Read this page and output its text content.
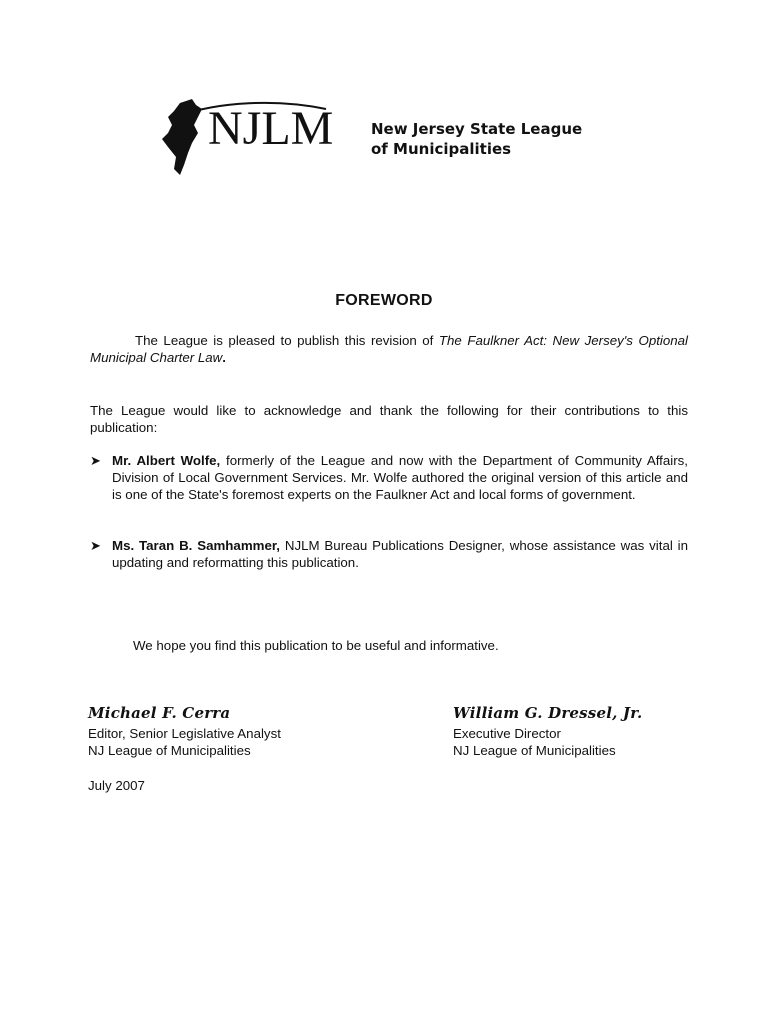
NJLM	New Jersey State League
of Municipalities
FOREWORD
The League is pleased to publish this revision of The Faulkner Act: New Jersey's Optional Municipal Charter Law.
The League would like to acknowledge and thank the following for their contributions to this publication:
➤ Mr. Albert Wolfe, formerly of the League and now with the Department of Community Affairs, Division of Local Government Services. Mr. Wolfe authored the original version of this article and is one of the State's foremost experts on the Faulkner Act and local forms of government.
➤ Ms. Taran B. Samhammer, NJLM Bureau Publications Designer, whose assistance was vital in updating and reformatting this publication.
We hope you find this publication to be useful and informative.
Michael F. Cerra
Editor, Senior Legislative Analyst
NJ League of Municipalities
William G. Dressel, Jr.
Executive Director
NJ League of Municipalities
July 2007
